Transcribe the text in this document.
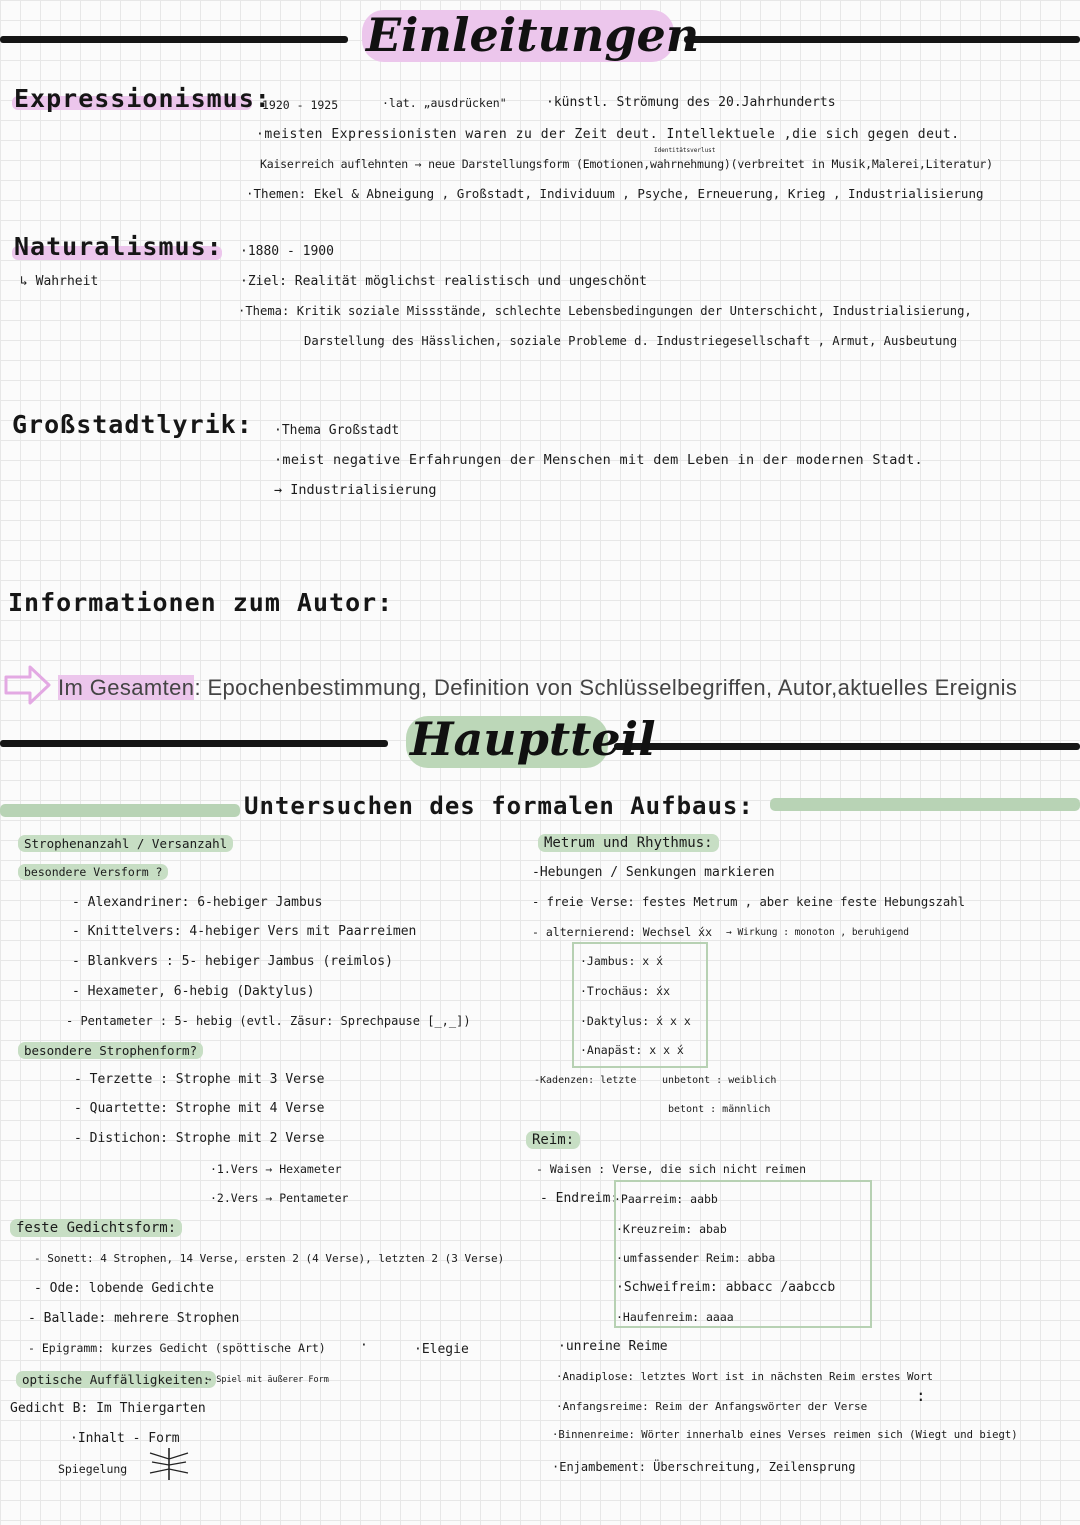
Einleitungen
Expressionismus:
1920 - 1925	·lat. „ausdrücken"	·künstl. Strömung des 20.Jahrhunderts
·meisten Expressionisten waren zu der Zeit deut. Intellektuele ,die sich gegen deut.
Kaiserreich auflehnten → neue Darstellungsform (Emotionen,wahrnehmung)(verbreitet in Musik,Malerei,Literatur)
Identitätsverlust
·Themen: Ekel & Abneigung , Großstadt, Individuum , Psyche, Erneuerung, Krieg , Industrialisierung
Naturalismus:
↳ Wahrheit
·1880 - 1900
·Ziel: Realität möglichst realistisch und ungeschönt
·Thema: Kritik soziale Missstände, schlechte Lebensbedingungen der Unterschicht, Industrialisierung,
Darstellung des Hässlichen, soziale Probleme d. Industriegesellschaft , Armut, Ausbeutung
Großstadtlyrik: ·Thema Großstadt
·meist negative Erfahrungen der Menschen mit dem Leben in der modernen Stadt.
→ Industrialisierung
Informationen zum Autor:
Im Gesamten: Epochenbestimmung, Definition von Schlüsselbegriffen, Autor,aktuelles Ereignis
Hauptteil
Untersuchen des formalen Aufbaus:
Strophenanzahl / Versanzahl
besondere Versform ?
- Alexandriner: 6-hebiger Jambus
- Knittelvers: 4-hebiger Vers mit Paarreimen
- Blankvers : 5- hebiger Jambus (reimlos)
- Hexameter, 6-hebig (Daktylus)
- Pentameter : 5- hebig (evtl. Zäsur: Sprechpause [_,_])
besondere Strophenform?
- Terzette : Strophe mit 3 Verse
- Quartette: Strophe mit 4 Verse
- Distichon: Strophe mit 2 Verse
·1.Vers → Hexameter
·2.Vers → Pentameter
feste Gedichtsform:
- Sonett: 4 Strophen, 14 Verse, ersten 2 (4 Verse), letzten 2 (3 Verse)
- Ode: lobende Gedichte
- Ballade: mehrere Strophen
- Epigramm: kurzes Gedicht (spöttische Art)	·	·Elegie
optische Auffälligkeiten:
→ Spiel mit äußerer Form
Gedicht B: Im Thiergarten
·Inhalt - Form
Spiegelung
Metrum und Rhythmus:
-Hebungen / Senkungen markieren
- freie Verse: festes Metrum , aber keine feste Hebungszahl
- alternierend: Wechsel x́x → Wirkung : monoton , beruhigend
·Jambus: x x́
·Trochäus: x́x
·Daktylus: x́ x x
·Anapäst: x x x́
-Kadenzen: letzte	unbetont : weiblich
betont : männlich
Reim:
- Waisen : Verse, die sich nicht reimen
- Endreim:
·Paarreim: aabb
·Kreuzreim: abab
·umfassender Reim: abba
·Schweifreim: abbacc /aabccb
·Haufenreim: aaaa
·unreine Reime
·Anadiplose: letztes Wort ist in nächsten Reim erstes Wort
·Anfangsreime: Reim der Anfangswörter der Verse
:
·Binnenreime: Wörter innerhalb eines Verses reimen sich (Wiegt und biegt)
·Enjambement: Überschreitung, Zeilensprung
